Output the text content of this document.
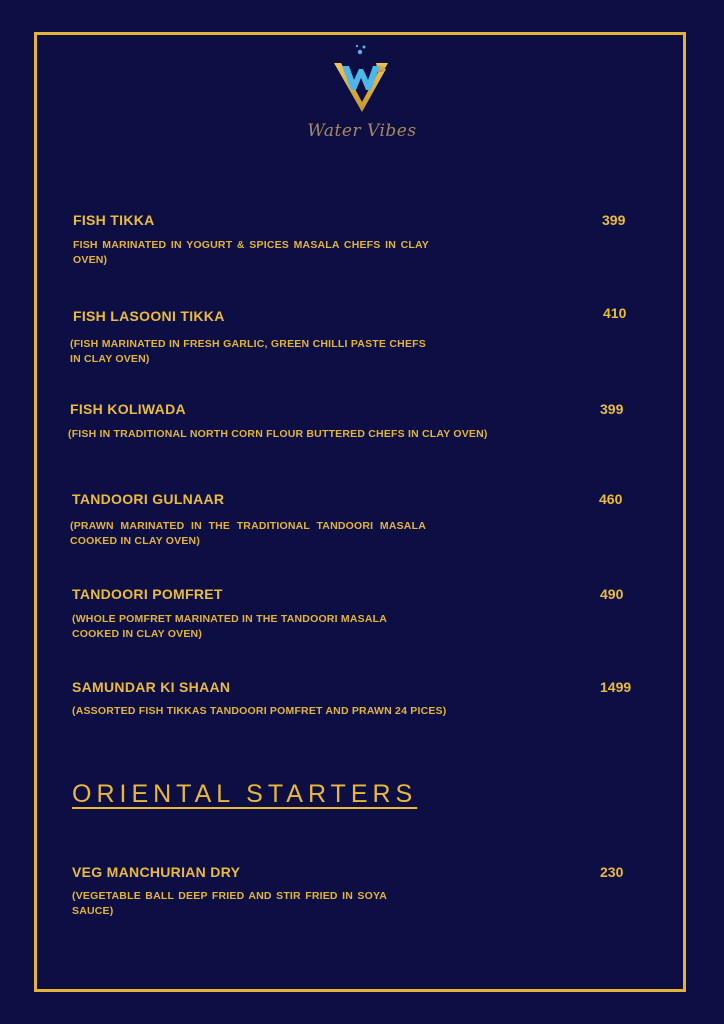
Water Vibes
FISH TIKKA	399
FISH MARINATED IN YOGURT & SPICES MASALA CHEFS IN CLAY OVEN)
FISH LASOONI TIKKA	410
(FISH MARINATED IN FRESH GARLIC, GREEN CHILLI PASTE CHEFS IN CLAY OVEN)
FISH KOLIWADA	399
(FISH IN TRADITIONAL NORTH CORN FLOUR BUTTERED CHEFS IN CLAY OVEN)
TANDOORI GULNAAR	460
(PRAWN MARINATED IN THE TRADITIONAL TANDOORI MASALA COOKED IN CLAY OVEN)
TANDOORI POMFRET	490
(WHOLE POMFRET MARINATED IN THE TANDOORI MASALA COOKED IN CLAY OVEN)
SAMUNDAR KI SHAAN	1499
(ASSORTED FISH TIKKAS TANDOORI POMFRET AND PRAWN 24 PICES)
ORIENTAL STARTERS
VEG MANCHURIAN DRY	230
(VEGETABLE BALL DEEP FRIED AND STIR FRIED IN SOYA SAUCE)
